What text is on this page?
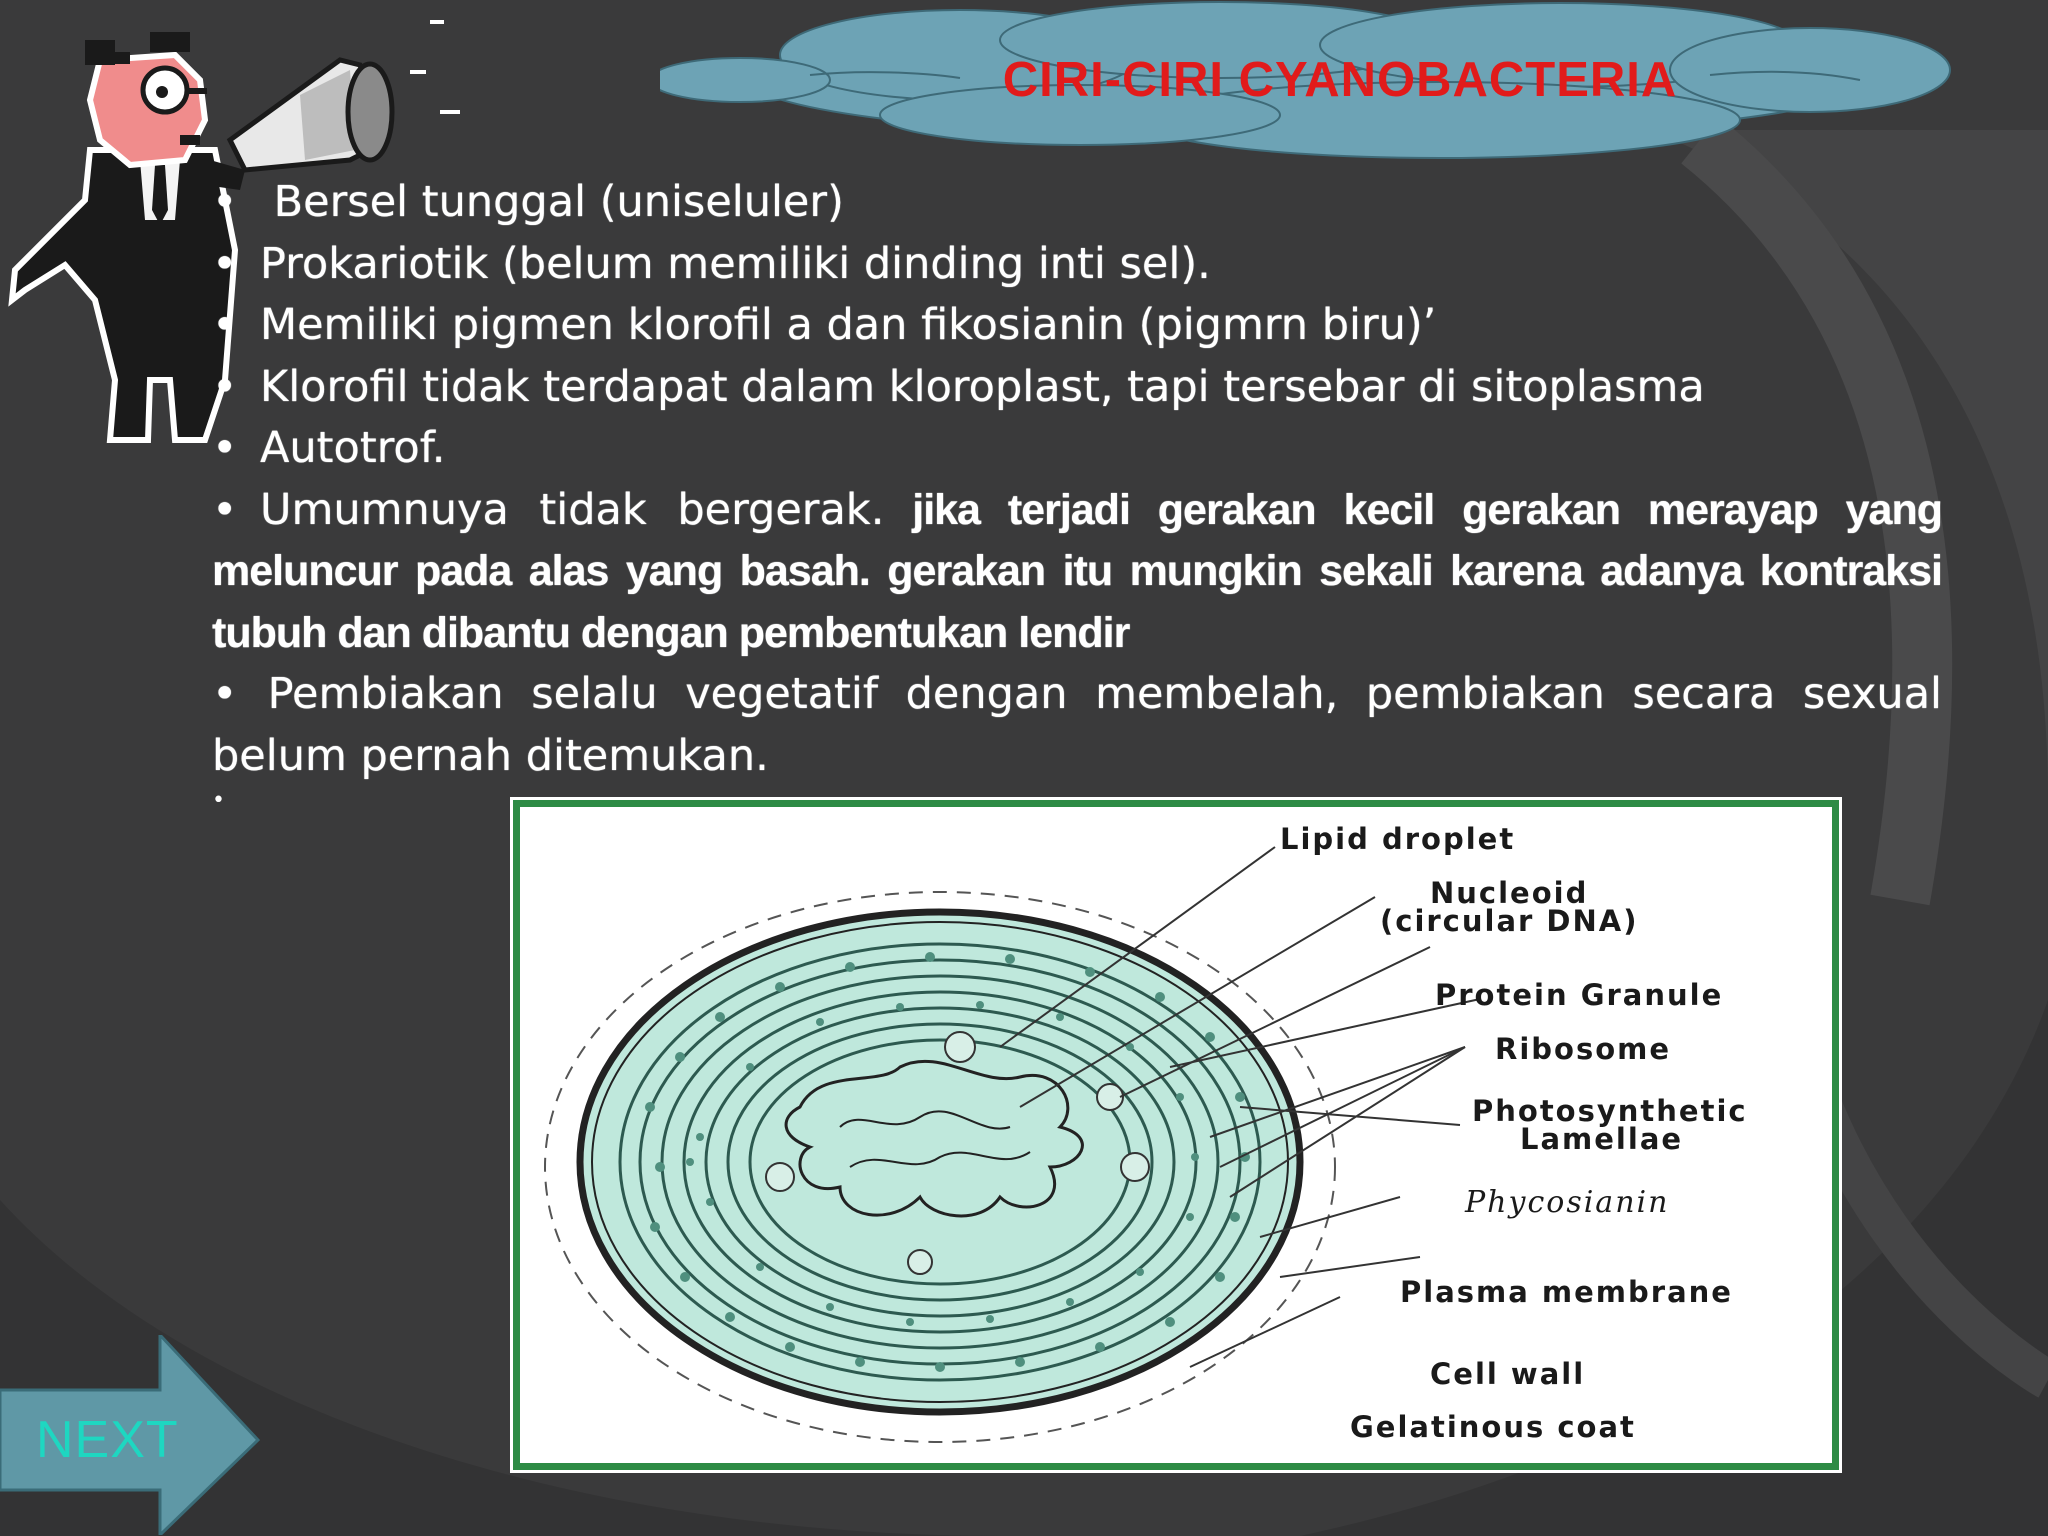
CIRI-CIRI CYANOBACTERIA
• Bersel tunggal (uniseluler)
• Prokariotik (belum memiliki dinding inti sel).
• Memiliki pigmen klorofil a dan fikosianin (pigmrn biru)’
• Klorofil tidak terdapat dalam kloroplast, tapi tersebar di sitoplasma
• Autotrof.
• Umumnuya tidak bergerak. jika terjadi gerakan kecil gerakan merayap yang meluncur pada alas yang basah. gerakan itu mungkin sekali karena adanya kontraksi tubuh dan dibantu dengan pembentukan lendir
• Pembiakan selalu vegetatif dengan membelah, pembiakan secara sexual belum pernah ditemukan.
•
Lipid droplet
Nucleoid
(circular DNA)
Protein Granule
Ribosome
Photosynthetic
Lamellae
Phycosianin
Plasma membrane
Cell wall
Gelatinous coat
NEXT
